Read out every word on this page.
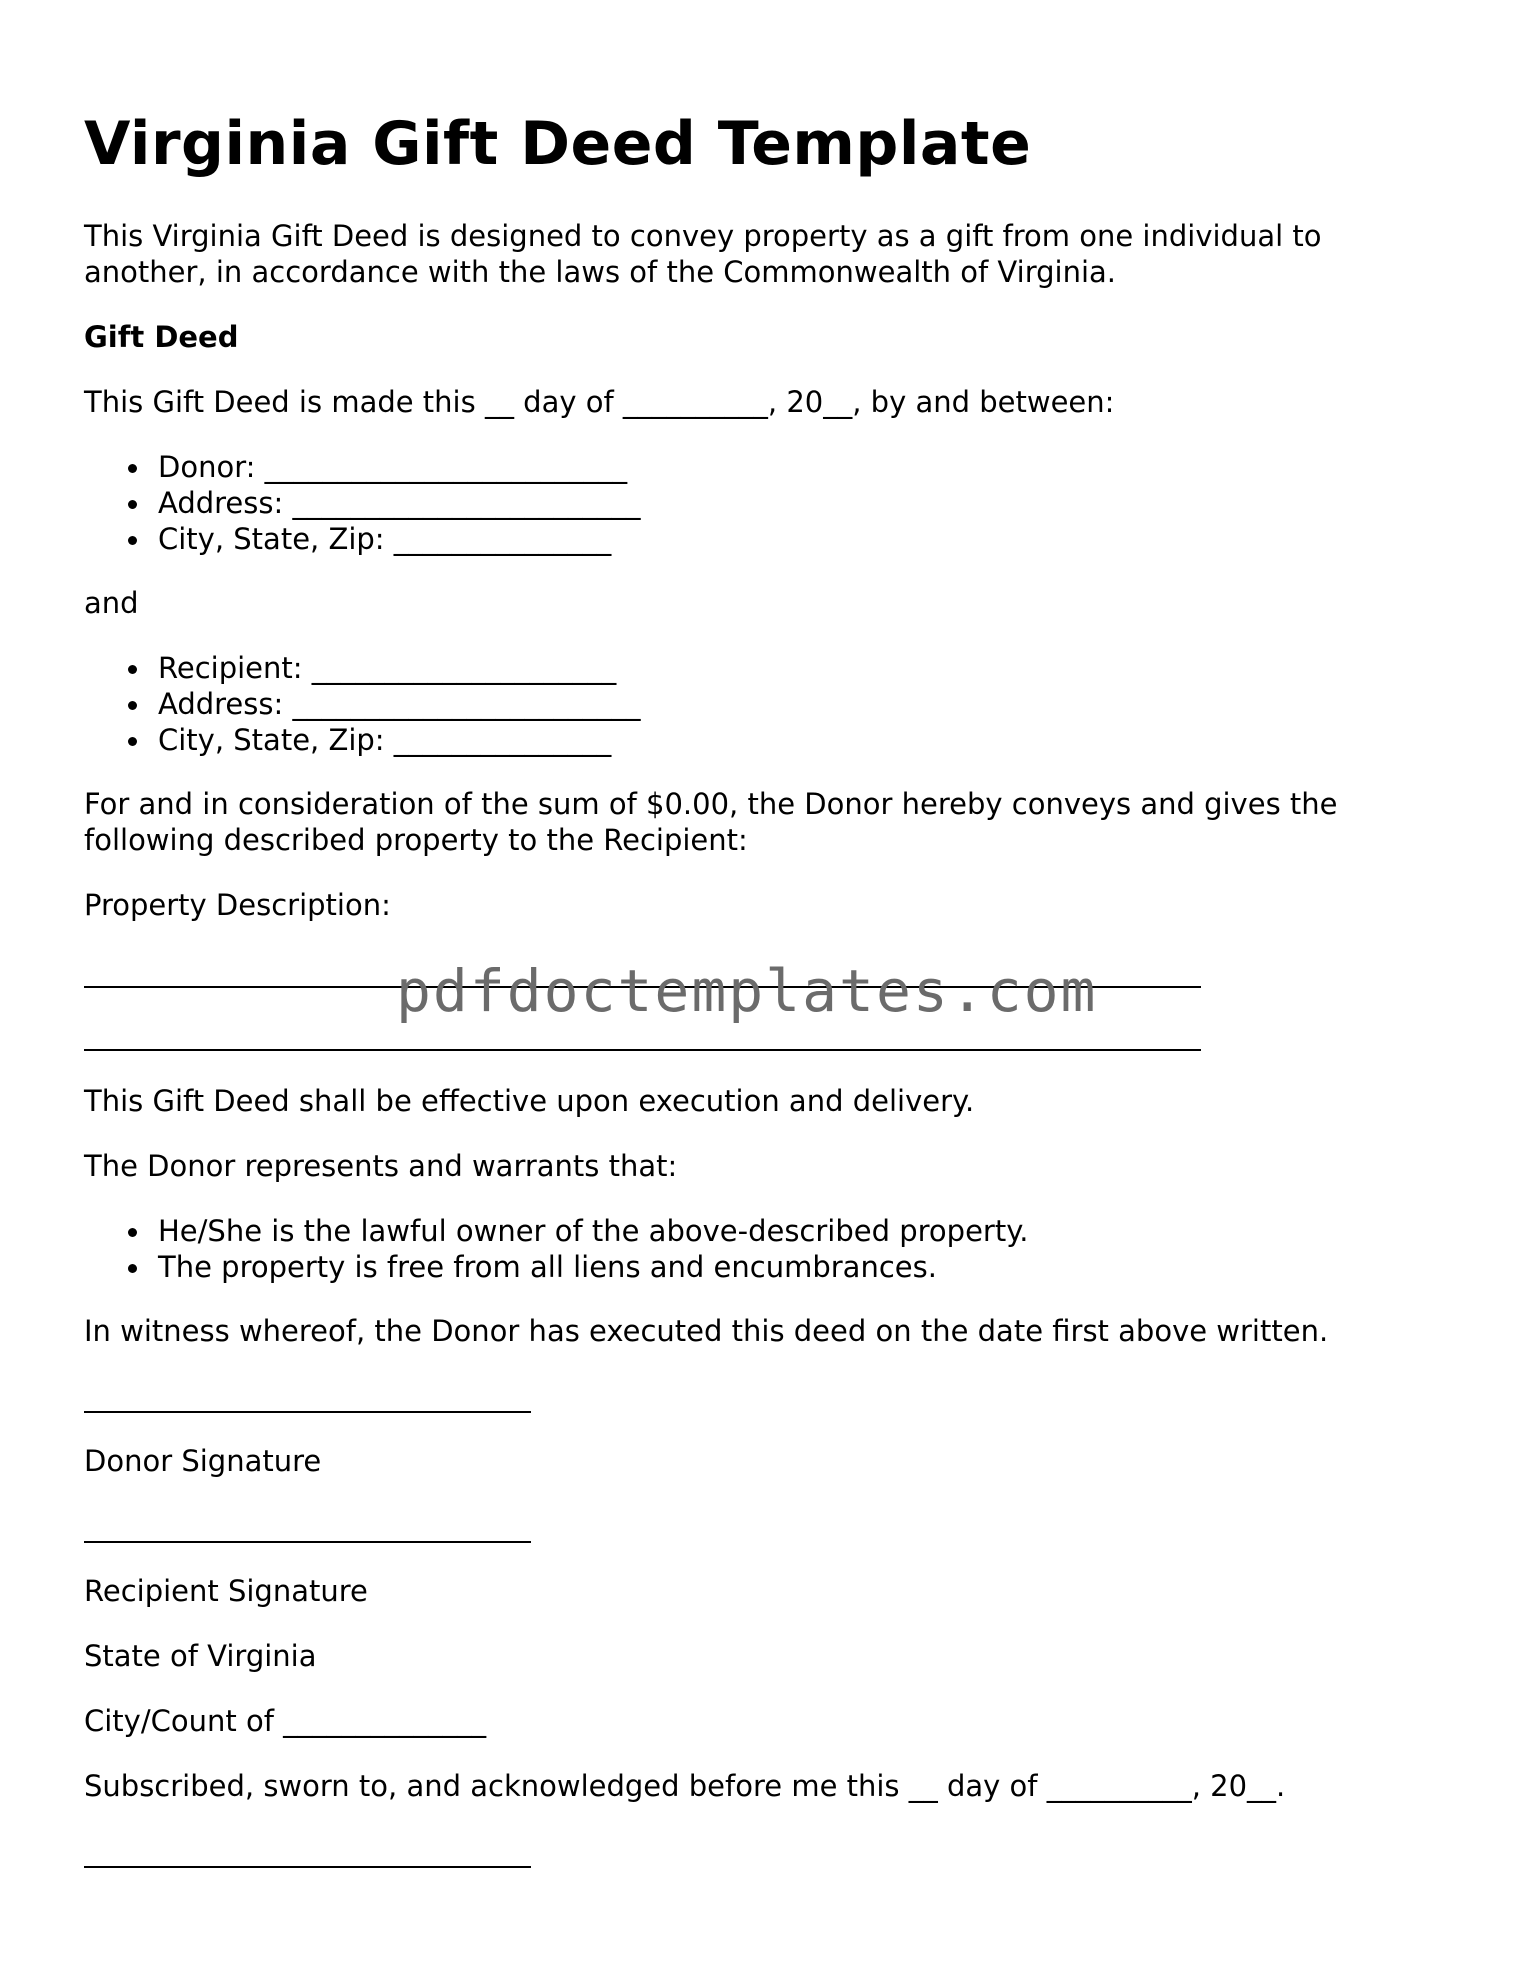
Virginia Gift Deed Template
This Virginia Gift Deed is designed to convey property as a gift from one individual to
another, in accordance with the laws of the Commonwealth of Virginia.
Gift Deed
This Gift Deed is made this __ day of __________, 20__, by and between:
Donor: _________________________
Address: ________________________
City, State, Zip: _______________
and
Recipient: _____________________
Address: ________________________
City, State, Zip: _______________
For and in consideration of the sum of $0.00, the Donor hereby conveys and gives the
following described property to the Recipient:
Property Description:
pdfdoctemplates.com
This Gift Deed shall be effective upon execution and delivery.
The Donor represents and warrants that:
He/She is the lawful owner of the above-described property.
The property is free from all liens and encumbrances.
In witness whereof, the Donor has executed this deed on the date first above written.
Donor Signature
Recipient Signature
State of Virginia
City/Count of ______________
Subscribed, sworn to, and acknowledged before me this __ day of __________, 20__.
